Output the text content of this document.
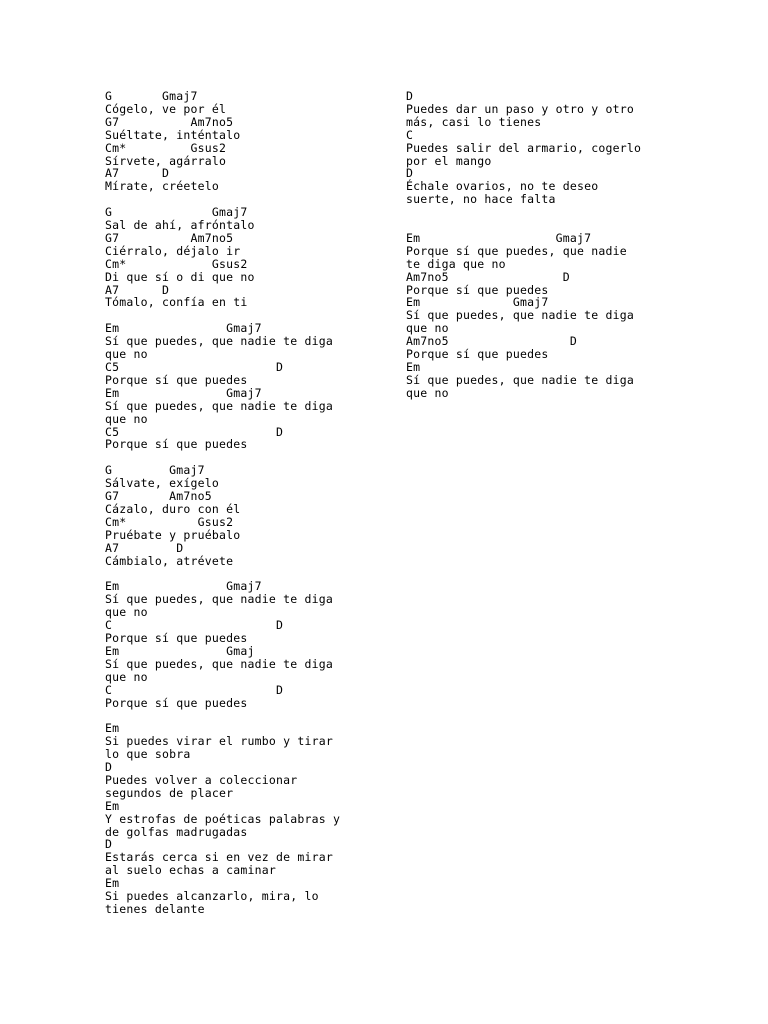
G       Gmaj7
Cógelo, ve por él
G7          Am7no5
Suéltate, inténtalo
Cm*         Gsus2
Sírvete, agárralo
A7      D
Mírate, créetelo
G              Gmaj7
Sal de ahí, afróntalo
G7          Am7no5
Ciérralo, déjalo ir
Cm*            Gsus2
Di que sí o di que no
A7      D
Tómalo, confía en ti
Em               Gmaj7
Sí que puedes, que nadie te diga
que no
C5                      D
Porque sí que puedes
Em               Gmaj7
Sí que puedes, que nadie te diga
que no
C5                      D
Porque sí que puedes
G        Gmaj7
Sálvate, exígelo
G7       Am7no5
Cázalo, duro con él
Cm*          Gsus2
Pruébate y pruébalo
A7        D
Cámbialo, atrévete
Em               Gmaj7
Sí que puedes, que nadie te diga
que no
C                       D
Porque sí que puedes
Em               Gmaj
Sí que puedes, que nadie te diga
que no
C                       D
Porque sí que puedes
Em
Si puedes virar el rumbo y tirar
lo que sobra
D
Puedes volver a coleccionar
segundos de placer
Em
Y estrofas de poéticas palabras y
de golfas madrugadas
D
Estarás cerca si en vez de mirar
al suelo echas a caminar
Em
Si puedes alcanzarlo, mira, lo
tienes delante
D
Puedes dar un paso y otro y otro
más, casi lo tienes
C
Puedes salir del armario, cogerlo
por el mango
D
Échale ovarios, no te deseo
suerte, no hace falta
Em                   Gmaj7
Porque sí que puedes, que nadie
te diga que no
Am7no5                D
Porque sí que puedes
Em             Gmaj7
Sí que puedes, que nadie te diga
que no
Am7no5                 D
Porque sí que puedes
Em
Sí que puedes, que nadie te diga
que no
